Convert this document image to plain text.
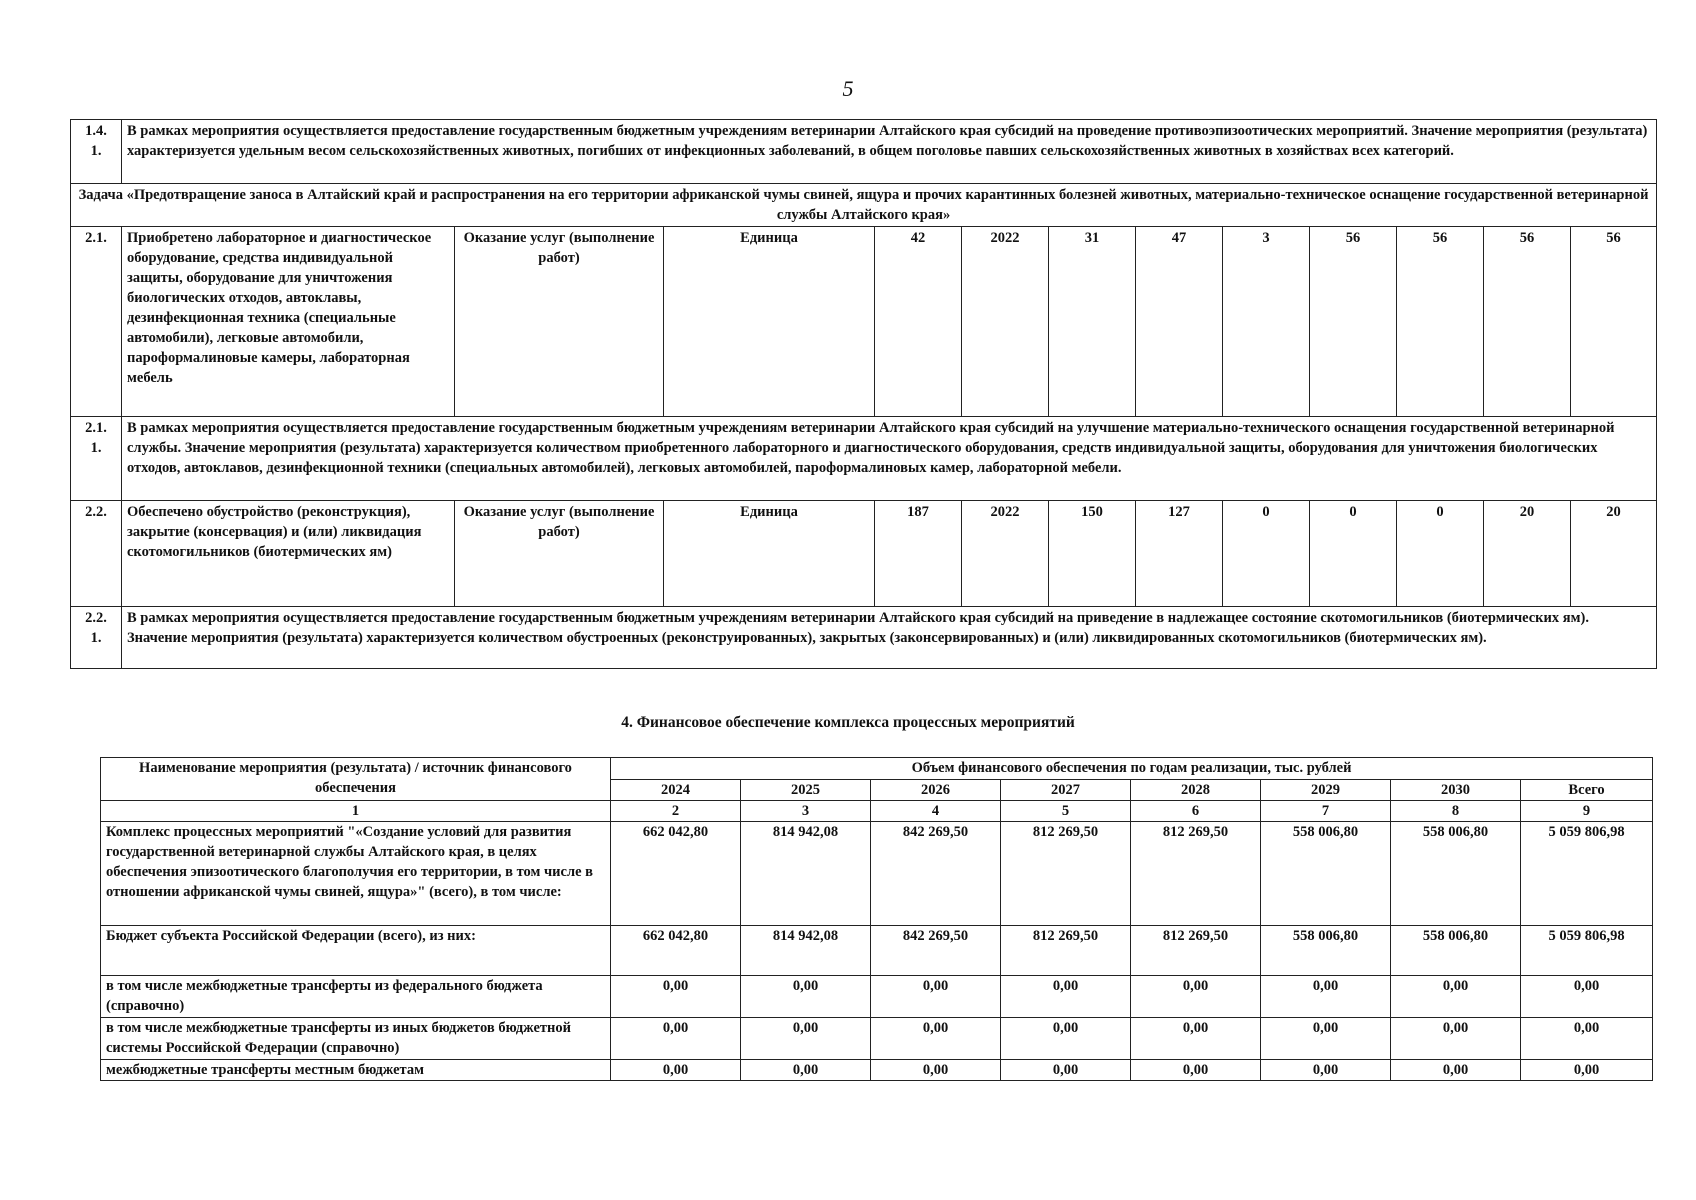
5
1.4.
1.	В рамках мероприятия осуществляется предоставление государственным бюджетным учреждениям ветеринарии Алтайского края субсидий на проведение противоэпизоотических мероприятий. Значение мероприятия (результата) характеризуется удельным весом сельскохозяйственных животных, погибших от инфекционных заболеваний, в общем поголовье павших сельскохозяйственных животных в хозяйствах всех категорий.											
Задача «Предотвращение заноса в Алтайский край и распространения на его территории африканской чумы свиней, ящура и прочих карантинных болезней животных, материально-техническое оснащение государственной ветеринарной службы Алтайского края»												
2.1.	Приобретено лабораторное и диагностическое оборудование, средства индивидуальной защиты, оборудование для уничтожения биологических отходов, автоклавы, дезинфекционная техника (специальные автомобили), легковые автомобили, пароформалиновые камеры, лабораторная мебель	Оказание услуг (выполнение работ)	Единица	42	2022	31	47	3	56	56	56	56
2.1.
1.	В рамках мероприятия осуществляется предоставление государственным бюджетным учреждениям ветеринарии Алтайского края субсидий на улучшение материально-технического оснащения государственной ветеринарной службы. Значение мероприятия (результата) характеризуется количеством приобретенного лабораторного и диагностического оборудования, средств индивидуальной защиты, оборудования для уничтожения биологических отходов, автоклавов, дезинфекционной техники (специальных автомобилей), легковых автомобилей, пароформалиновых камер, лабораторной мебели.											
2.2.	Обеспечено обустройство (реконструкция), закрытие (консервация) и (или) ликвидация скотомогильников (биотермических ям)	Оказание услуг (выполнение работ)	Единица	187	2022	150	127	0	0	0	20	20
2.2.
1.	В рамках мероприятия осуществляется предоставление государственным бюджетным учреждениям ветеринарии Алтайского края субсидий на приведение в надлежащее состояние скотомогильников (биотермических ям). Значение мероприятия (результата) характеризуется количеством обустроенных (реконструированных), закрытых (законсервированных) и (или) ликвидированных скотомогильников (биотермических ям).											
4. Финансовое обеспечение комплекса процессных мероприятий
Наименование мероприятия (результата) / источник финансового обеспечения	Объем финансового обеспечения по годам реализации, тыс. рублей							
	2024	2025	2026	2027	2028	2029	2030	Всего
1	2	3	4	5	6	7	8	9
Комплекс процессных мероприятий "«Создание условий для развития государственной ветеринарной службы Алтайского края, в целях обеспечения эпизоотического благополучия его территории, в том числе в отношении африканской чумы свиней, ящура»" (всего), в том числе:	662 042,80	814 942,08	842 269,50	812 269,50	812 269,50	558 006,80	558 006,80	5 059 806,98
Бюджет субъекта Российской Федерации (всего), из них:	662 042,80	814 942,08	842 269,50	812 269,50	812 269,50	558 006,80	558 006,80	5 059 806,98
в том числе межбюджетные трансферты из федерального бюджета (справочно)	0,00	0,00	0,00	0,00	0,00	0,00	0,00	0,00
в том числе межбюджетные трансферты из иных бюджетов бюджетной системы Российской Федерации (справочно)	0,00	0,00	0,00	0,00	0,00	0,00	0,00	0,00
межбюджетные трансферты местным бюджетам	0,00	0,00	0,00	0,00	0,00	0,00	0,00	0,00
